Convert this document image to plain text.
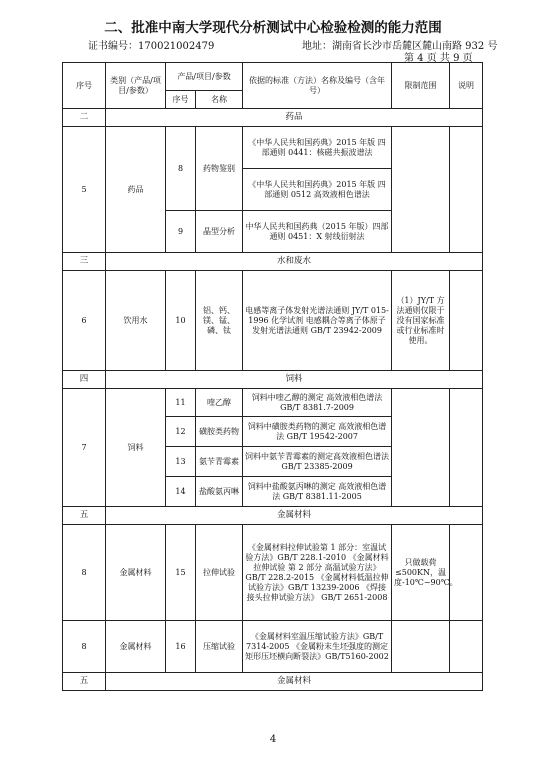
二、批准中南大学现代分析测试中心检验检测的能力范围
证书编号：170021002479	地址：湖南省长沙市岳麓区麓山南路 932 号
第 4 页 共 9 页
序号	类别（产品/项目/参数）	产品/项目/参数		依据的标准（方法）名称及编号（含年号）	限制范围	说明
		序号	名称			
二	药品					
5	药品	8	药物鉴别	《中华人民共和国药典》2015 年版 四部通则 0441：核磁共振波谱法		
				《中华人民共和国药典》2015 年版 四部通则 0512 高效液相色谱法		
		9	晶型分析	中华人民共和国药典（2015 年版）四部通则 0451：X 射线衍射法		
三	水和废水					
6	饮用水	10	铝、钙、镁、锰、磷、钛	电感等离子体发射光谱法通则 JY/T 015-1996 化学试剂 电感耦合等离子体原子发射光谱法通则 GB/T 23942-2009	（1）JY/T 方法通则仅限于没有国家标准或行业标准时使用。	
四	饲料					
7	饲料	11	喹乙醇	饲料中喹乙醇的测定 高效液相色谱法 GB/T 8381.7-2009		
		12	磺胺类药物	饲料中磺胺类药物的测定 高效液相色谱法 GB/T 19542-2007		
		13	氨苄青霉素	饲料中氨苄青霉素的测定高效液相色谱法 GB/T 23385-2009		
		14	盐酸氨丙啉	饲料中盐酸氨丙啉的测定 高效液相色谱法 GB/T 8381.11-2005		
五	金属材料					
8	金属材料	15	拉伸试验	《金属材料拉伸试验第 1 部分：室温试验方法》GB/T 228.1-2010 《金属材料 拉伸试验 第 2 部分 高温试验方法》GB/T 228.2-2015 《金属材料低温拉伸试验方法》GB/T 13239-2006 《焊接接头拉伸试验方法》 GB/T 2651-2008	只做载荷≤500KN，温度-10℃~90℃。	
8	金属材料	16	压缩试验	《金属材料室温压缩试验方法》GB/T 7314-2005 《金属粉末生坯强度的测定矩形压坯横向断裂法》GB/T5160-2002		
五	金属材料					
4
